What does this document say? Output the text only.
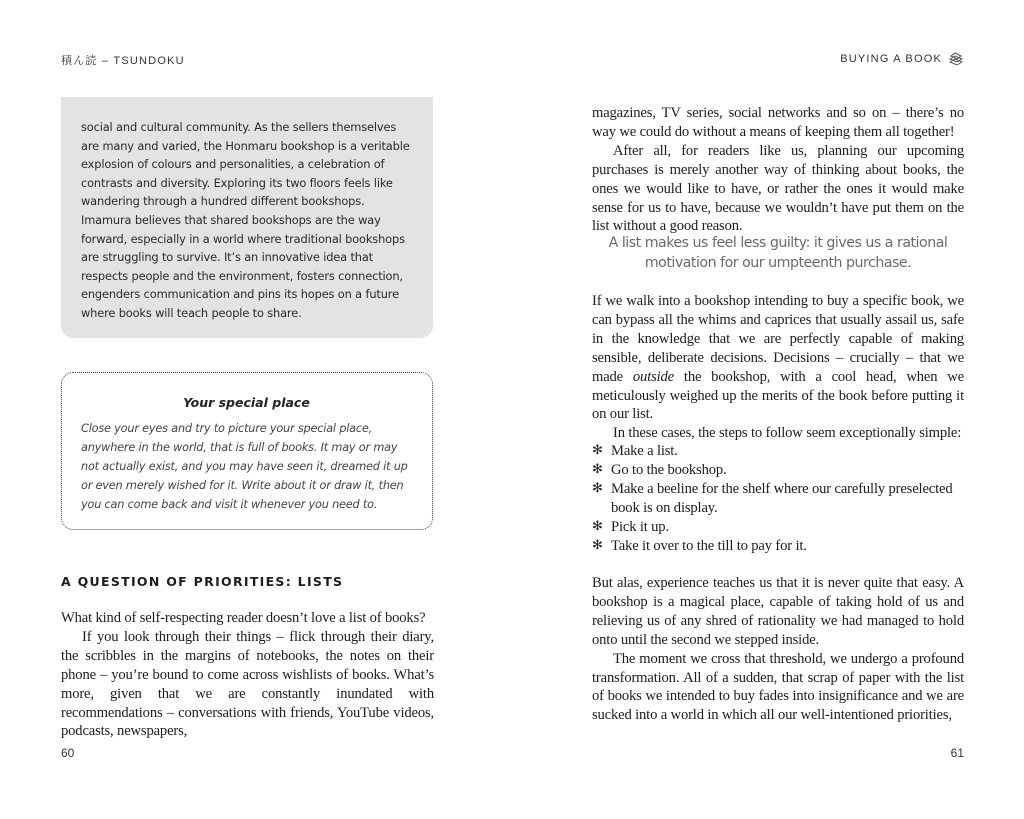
積ん読 – TSUNDOKU

social and cultural community. As the sellers themselves are many and varied, the Honmaru bookshop is a veritable explosion of colours and personalities, a celebration of contrasts and diversity. Exploring its two floors feels like wandering through a hundred different bookshops. Imamura believes that shared bookshops are the way forward, especially in a world where traditional bookshops are struggling to survive. It’s an innovative idea that respects people and the environment, fosters connection, engenders communication and pins its hopes on a future where books will teach people to share.

Your special place

Close your eyes and try to picture your special place, anywhere in the world, that is full of books. It may or may not actually exist, and you may have seen it, dreamed it up or even merely wished for it. Write about it or draw it, then you can come back and visit it whenever you need to.

A QUESTION OF PRIORITIES: LISTS

What kind of self-respecting reader doesn’t love a list of books?

If you look through their things – flick through their diary, the scribbles in the margins of notebooks, the notes on their phone – you’re bound to come across wishlists of books. What’s more, given that we are constantly inundated with recommendations – conversations with friends, YouTube videos, podcasts, newspapers,

60
BUYING A BOOK

magazines, TV series, social networks and so on – there’s no way we could do without a means of keeping them all together!

After all, for readers like us, planning our upcoming purchases is merely another way of thinking about books, the ones we would like to have, or rather the ones it would make sense for us to have, because we wouldn’t have put them on the list without a good reason.

A list makes us feel less guilty: it gives us a rational motivation for our umpteenth purchase.

If we walk into a bookshop intending to buy a specific book, we can bypass all the whims and caprices that usually assail us, safe in the knowledge that we are perfectly capable of making sensible, deliberate decisions. Decisions – crucially – that we made outside the bookshop, with a cool head, when we meticulously weighed up the merits of the book before putting it on our list.

In these cases, the steps to follow seem exceptionally simple:

✻ Make a list.
✻ Go to the bookshop.
✻ Make a beeline for the shelf where our carefully preselected book is on display.
✻ Pick it up.
✻ Take it over to the till to pay for it.

But alas, experience teaches us that it is never quite that easy. A bookshop is a magical place, capable of taking hold of us and relieving us of any shred of rationality we had managed to hold onto until the second we stepped inside.

The moment we cross that threshold, we undergo a profound transformation. All of a sudden, that scrap of paper with the list of books we intended to buy fades into insignificance and we are sucked into a world in which all our well-intentioned priorities,

61
